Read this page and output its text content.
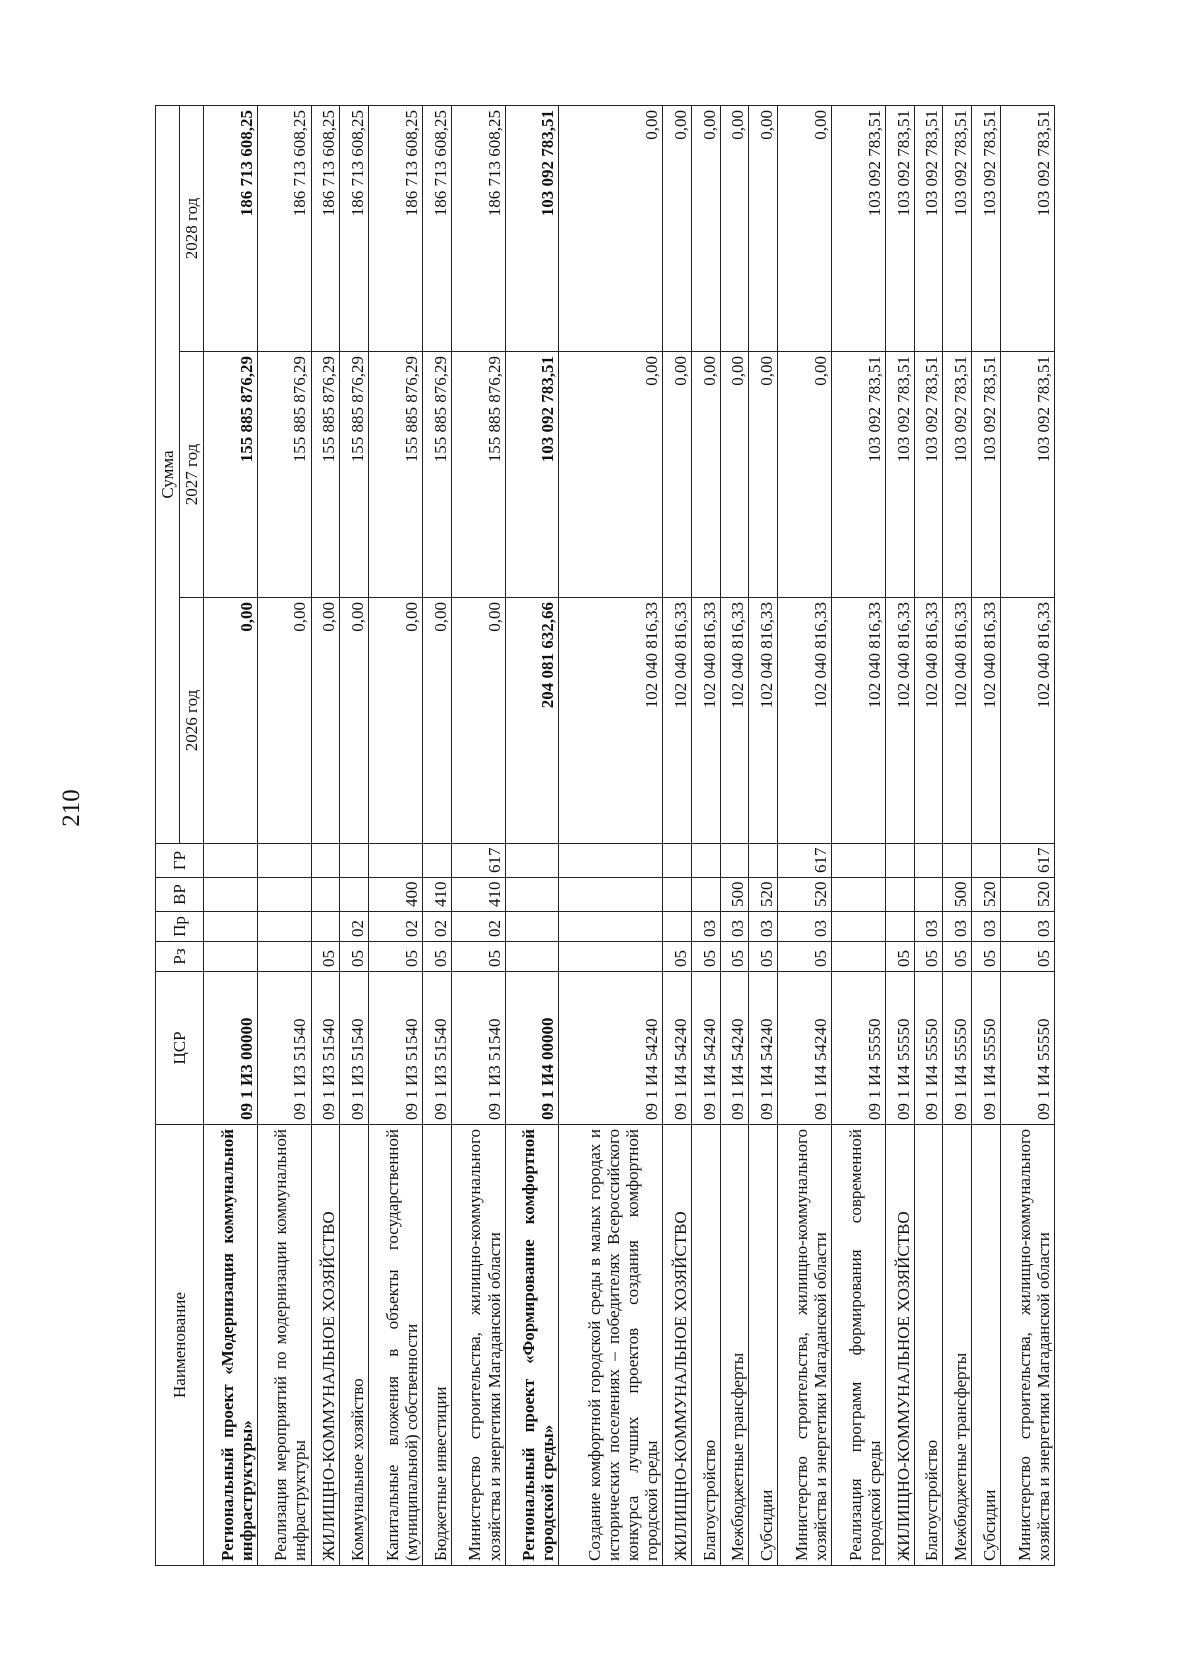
210
Наименование	ЦСР	Рз	Пр	ВР	ГР	Сумма		
						2026 год	2027 год	2028 год
Региональный проект «Модернизация коммунальной инфраструктуры»	09 1 И3 00000					0,00	155 885 876,29	186 713 608,25
Реализация мероприятий по модернизации коммунальной инфраструктуры	09 1 И3 51540					0,00	155 885 876,29	186 713 608,25
ЖИЛИЩНО-КОММУНАЛЬНОЕ ХОЗЯЙСТВО	09 1 И3 51540	05				0,00	155 885 876,29	186 713 608,25
Коммунальное хозяйство	09 1 И3 51540	05	02			0,00	155 885 876,29	186 713 608,25
Капитальные вложения в объекты государственной (муниципальной) собственности	09 1 И3 51540	05	02	400		0,00	155 885 876,29	186 713 608,25
Бюджетные инвестиции	09 1 И3 51540	05	02	410		0,00	155 885 876,29	186 713 608,25
Министерство строительства, жилищно-коммунального хозяйства и энергетики Магаданской области	09 1 И3 51540	05	02	410	617	0,00	155 885 876,29	186 713 608,25
Региональный проект «Формирование комфортной городской среды»	09 1 И4 00000					204 081 632,66	103 092 783,51	103 092 783,51
Создание комфортной городской среды в малых городах и исторических поселениях – победителях Всероссийского конкурса лучших проектов создания комфортной городской среды	09 1 И4 54240					102 040 816,33	0,00	0,00
ЖИЛИЩНО-КОММУНАЛЬНОЕ ХОЗЯЙСТВО	09 1 И4 54240	05				102 040 816,33	0,00	0,00
Благоустройство	09 1 И4 54240	05	03			102 040 816,33	0,00	0,00
Межбюджетные трансферты	09 1 И4 54240	05	03	500		102 040 816,33	0,00	0,00
Субсидии	09 1 И4 54240	05	03	520		102 040 816,33	0,00	0,00
Министерство строительства, жилищно-коммунального хозяйства и энергетики Магаданской области	09 1 И4 54240	05	03	520	617	102 040 816,33	0,00	0,00
Реализация программ формирования современной городской среды	09 1 И4 55550					102 040 816,33	103 092 783,51	103 092 783,51
ЖИЛИЩНО-КОММУНАЛЬНОЕ ХОЗЯЙСТВО	09 1 И4 55550	05				102 040 816,33	103 092 783,51	103 092 783,51
Благоустройство	09 1 И4 55550	05	03			102 040 816,33	103 092 783,51	103 092 783,51
Межбюджетные трансферты	09 1 И4 55550	05	03	500		102 040 816,33	103 092 783,51	103 092 783,51
Субсидии	09 1 И4 55550	05	03	520		102 040 816,33	103 092 783,51	103 092 783,51
Министерство строительства, жилищно-коммунального хозяйства и энергетики Магаданской области	09 1 И4 55550	05	03	520	617	102 040 816,33	103 092 783,51	103 092 783,51
